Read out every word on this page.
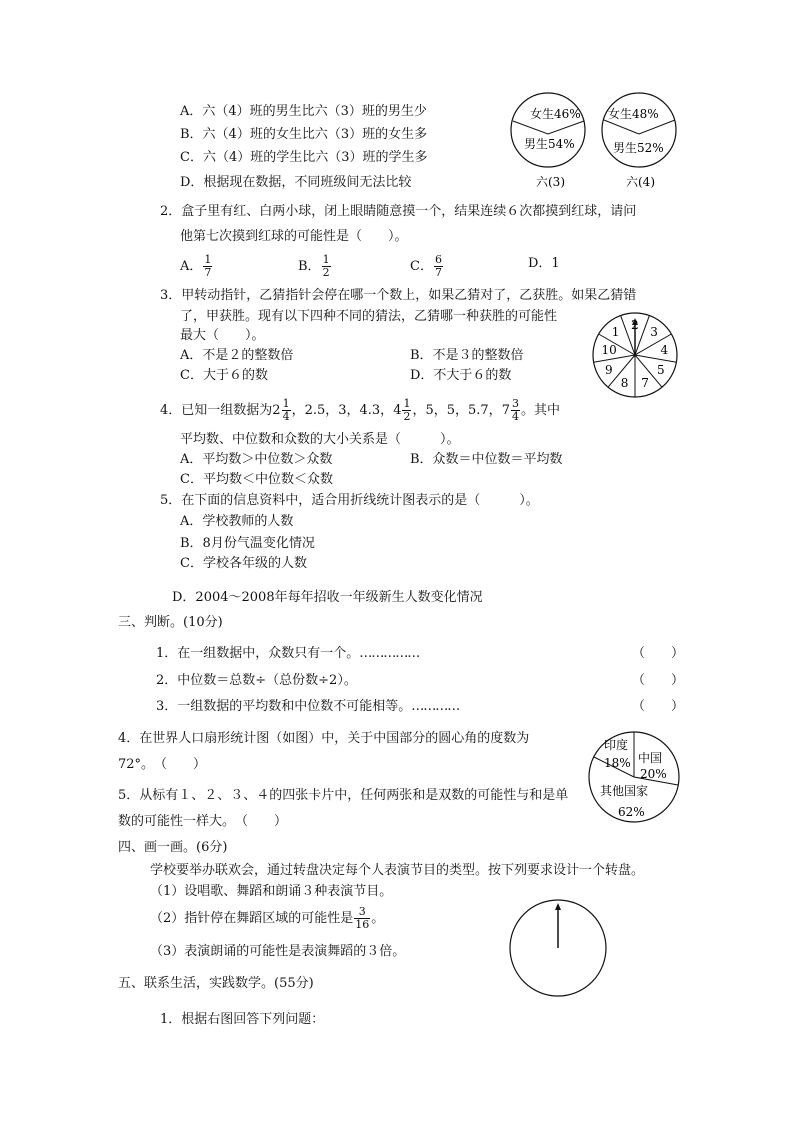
A．六（4）班的男生比六（3）班的男生少
B．六（4）班的女生比六（3）班的女生多
C．六（4）班的学生比六（3）班的学生多
D．根据现在数据，不同班级间无法比较
女生46%
男生54%
六(3)
女生48%
男生52%
六(4)
2．盒子里有红、白两小球，闭上眼睛随意摸一个，结果连续６次都摸到红球，请问
他第七次摸到红球的可能性是（　　）。
A． $\frac{1}{7}$	B． $\frac{1}{2}$	C． $\frac{6}{7}$	D．1
3．甲转动指针，乙猜指针会停在哪一个数上，如果乙猜对了，乙获胜。如果乙猜错
了，甲获胜。现有以下四种不同的猜法，乙猜哪一种获胜的可能性
最大（　　）。
A．不是２的整数倍	B．不是３的整数倍
C．大于６的数	D．不大于６的数
3
4
5
7
8
9
10
1
4．已知一组数据为$2 \frac{1}{4}$ ，2.5，3，4.3，$4 \frac{1}{2}$ ，5，5，5.7，$7 \frac{3}{4}$ 。其中
平均数、中位数和众数的大小关系是（　　　）。
A．平均数＞中位数＞众数	B．众数＝中位数＝平均数
C．平均数＜中位数＜众数
5．在下面的信息资料中，适合用折线统计图表示的是（　　　）。
A．学校教师的人数
B．8月份气温变化情况
C．学校各年级的人数
D．2004～2008年每年招收一年级新生人数变化情况
三、判断。(10分)
1．在一组数据中，众数只有一个。……………	（　　）
2．中位数＝总数÷（总份数÷2）。	（　　）
3．一组数据的平均数和中位数不可能相等。…………	（　　）
4．在世界人口扇形统计图（如图）中，关于中国部分的圆心角的度数为
72°。　（　　）
5．从标有１、２、３、４的四张卡片中，任何两张和是双数的可能性与和是单
数的可能性一样大。　（　　）
印度
18% 中国
20%
其他国家
62%
四、画一画。(6分)
学校要举办联欢会，通过转盘决定每个人表演节目的类型。按下列要求设计一个转盘。
（1）设唱歌、舞蹈和朗诵３种表演节目。
（2）指针停在舞蹈区域的可能性是 $\frac{3}{16}$ 。
（3）表演朗诵的可能性是表演舞蹈的３倍。
五、联系生活，实践数学。(55分)
1．根据右图回答下列问题：
